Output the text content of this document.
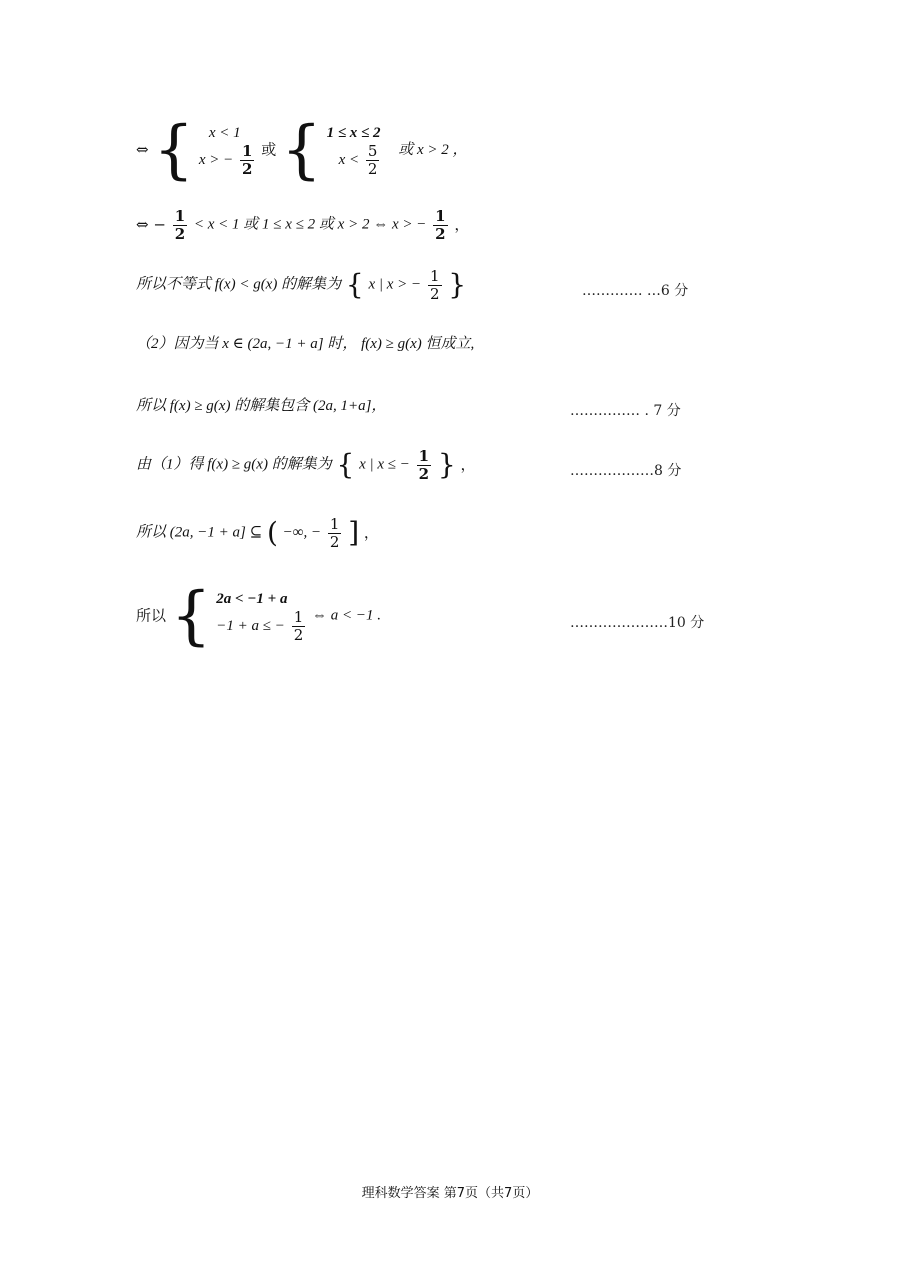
⇔ { x < 1
x > − $\frac{1}{2}$ 或 { 1 ≤ x ≤ 2
$x < \frac{5}{2}$ 或 x > 2 ，
⇔ − $\frac{1}{2} < x < 1$ 或 1 ≤ x ≤ 2 或 x > 2 ⇔ x > − $\frac{1}{2}$ ，
所以不等式 f(x) < g(x) 的解集为 { x | x > − $\frac{1}{2}$ }	…………. …6 分
（2）因为当 x ∈ (2a, −1 + a] 时， f(x) ≥ g(x) 恒成立,
所以 f(x) ≥ g(x) 的解集包含 (2a, 1+a]，	…………… . 7 分
由（1）得 f(x) ≥ g(x) 的解集为 { x | x ≤ − $\frac{1}{2}$ } ，	………………8 分
所以 (2a, −1 + a] ⊆ ( −∞, − $\frac{1}{2}$ ] ，
所以 { 2a < −1 + a
−1 + a ≤ − $\frac{1}{2}$ ⇔ a < −1 .	…………………10 分
理科数学答案 第7页（共7页）
